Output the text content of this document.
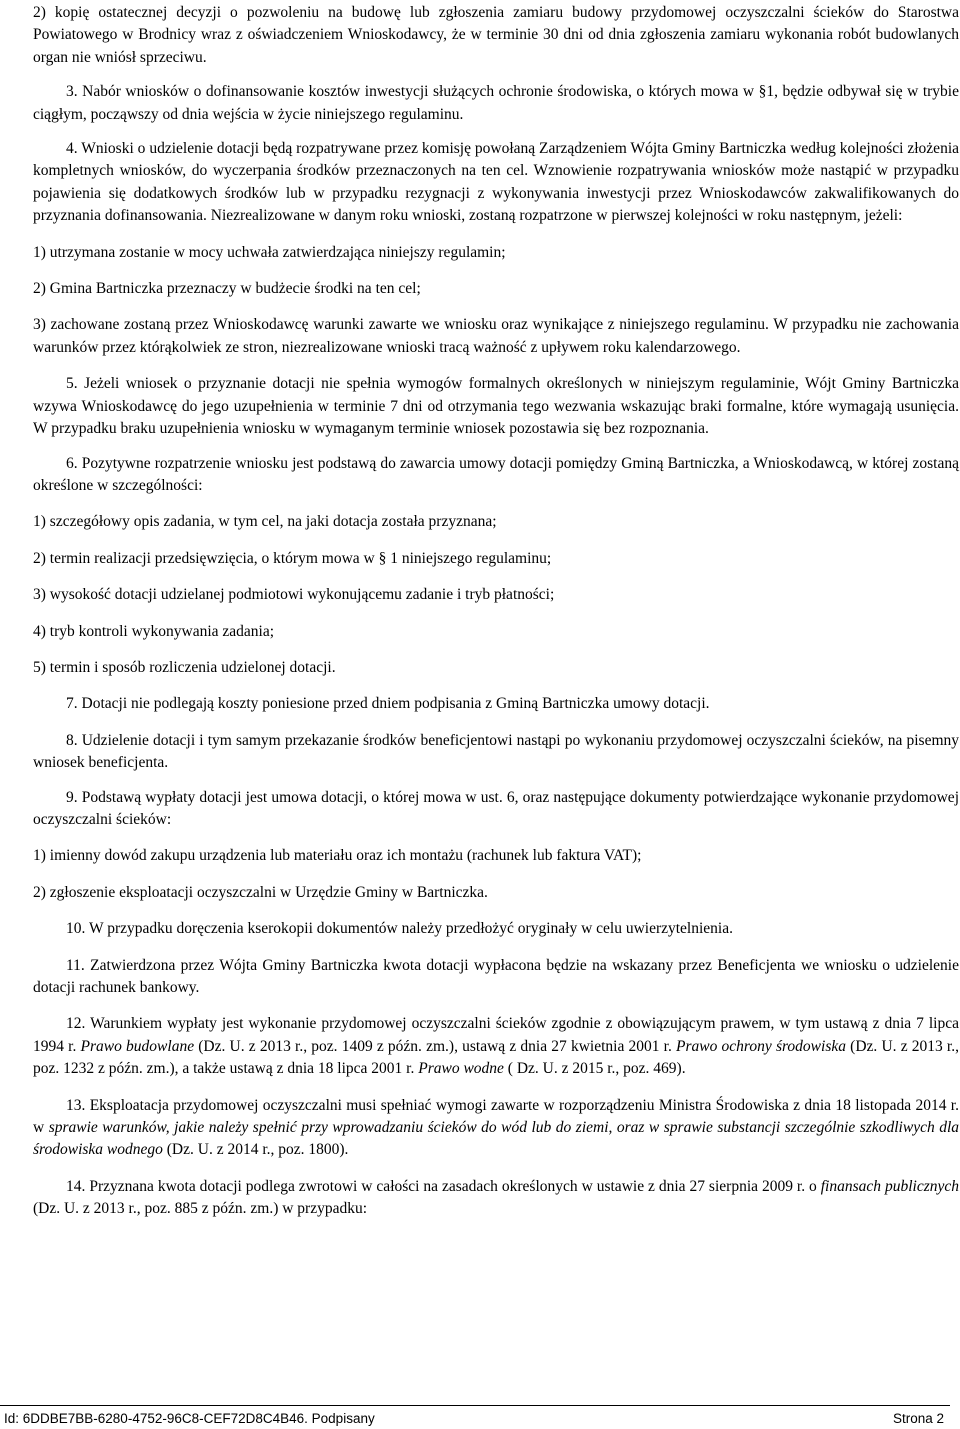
2) kopię ostatecznej decyzji o pozwoleniu na budowę lub zgłoszenia zamiaru budowy przydomowej oczyszczalni ścieków do Starostwa Powiatowego w Brodnicy wraz z oświadczeniem Wnioskodawcy, że w terminie 30 dni od dnia zgłoszenia zamiaru wykonania robót budowlanych organ nie wniósł sprzeciwu.

3. Nabór wniosków o dofinansowanie kosztów inwestycji służących ochronie środowiska, o których mowa w §1, będzie odbywał się w trybie ciągłym, począwszy od dnia wejścia w życie niniejszego regulaminu.

4. Wnioski o udzielenie dotacji będą rozpatrywane przez komisję powołaną Zarządzeniem Wójta Gminy Bartniczka według kolejności złożenia kompletnych wniosków, do wyczerpania środków przeznaczonych na ten cel. Wznowienie rozpatrywania wniosków może nastąpić w przypadku pojawienia się dodatkowych środków lub w przypadku rezygnacji z wykonywania inwestycji przez Wnioskodawców zakwalifikowanych do przyznania dofinansowania. Niezrealizowane w danym roku wnioski, zostaną rozpatrzone w pierwszej kolejności w roku następnym, jeżeli:

1) utrzymana zostanie w mocy uchwała zatwierdzająca niniejszy regulamin;

2) Gmina Bartniczka przeznaczy w budżecie środki na ten cel;

3) zachowane zostaną przez Wnioskodawcę warunki zawarte we wniosku oraz wynikające z niniejszego regulaminu. W przypadku nie zachowania warunków przez którąkolwiek ze stron, niezrealizowane wnioski tracą ważność z upływem roku kalendarzowego.

5. Jeżeli wniosek o przyznanie dotacji nie spełnia wymogów formalnych określonych w niniejszym regulaminie, Wójt Gminy Bartniczka wzywa Wnioskodawcę do jego uzupełnienia w terminie 7 dni od otrzymania tego wezwania wskazując braki formalne, które wymagają usunięcia. W przypadku braku uzupełnienia wniosku w wymaganym terminie wniosek pozostawia się bez rozpoznania.

6. Pozytywne rozpatrzenie wniosku jest podstawą do zawarcia umowy dotacji pomiędzy Gminą Bartniczka, a Wnioskodawcą, w której zostaną określone w szczególności:

1) szczegółowy opis zadania, w tym cel, na jaki dotacja została przyznana;

2) termin realizacji przedsięwzięcia, o którym mowa w § 1 niniejszego regulaminu;

3) wysokość dotacji udzielanej podmiotowi wykonującemu zadanie i tryb płatności;

4) tryb kontroli wykonywania zadania;

5) termin i sposób rozliczenia udzielonej dotacji.

7. Dotacji nie podlegają koszty poniesione przed dniem podpisania z Gminą Bartniczka umowy dotacji.

8. Udzielenie dotacji i tym samym przekazanie środków beneficjentowi nastąpi po wykonaniu przydomowej oczyszczalni ścieków, na pisemny wniosek beneficjenta.

9. Podstawą wypłaty dotacji jest umowa dotacji, o której mowa w ust. 6, oraz następujące dokumenty potwierdzające wykonanie przydomowej oczyszczalni ścieków:

1) imienny dowód zakupu urządzenia lub materiału oraz ich montażu (rachunek lub faktura VAT);

2) zgłoszenie eksploatacji oczyszczalni w Urzędzie Gminy w Bartniczka.

10. W przypadku doręczenia kserokopii dokumentów należy przedłożyć oryginały w celu uwierzytelnienia.

11. Zatwierdzona przez Wójta Gminy Bartniczka kwota dotacji wypłacona będzie na wskazany przez Beneficjenta we wniosku o udzielenie dotacji rachunek bankowy.

12. Warunkiem wypłaty jest wykonanie przydomowej oczyszczalni ścieków zgodnie z obowiązującym prawem, w tym ustawą z dnia 7 lipca 1994 r. Prawo budowlane (Dz. U. z 2013 r., poz. 1409 z późn. zm.), ustawą z dnia 27 kwietnia 2001 r. Prawo ochrony środowiska (Dz. U. z 2013 r., poz. 1232 z późn. zm.), a także ustawą z dnia 18 lipca 2001 r. Prawo wodne ( Dz. U. z 2015 r., poz. 469).

13. Eksploatacja przydomowej oczyszczalni musi spełniać wymogi zawarte w rozporządzeniu Ministra Środowiska z dnia 18 listopada 2014 r. w sprawie warunków, jakie należy spełnić przy wprowadzaniu ścieków do wód lub do ziemi, oraz w sprawie substancji szczególnie szkodliwych dla środowiska wodnego (Dz. U. z 2014 r., poz. 1800).

14. Przyznana kwota dotacji podlega zwrotowi w całości na zasadach określonych w ustawie z dnia 27 sierpnia 2009 r. o finansach publicznych (Dz. U. z 2013 r., poz. 885 z późn. zm.) w przypadku:

Id: 6DDBE7BB-6280-4752-96C8-CEF72D8C4B46. Podpisany	Strona 2
